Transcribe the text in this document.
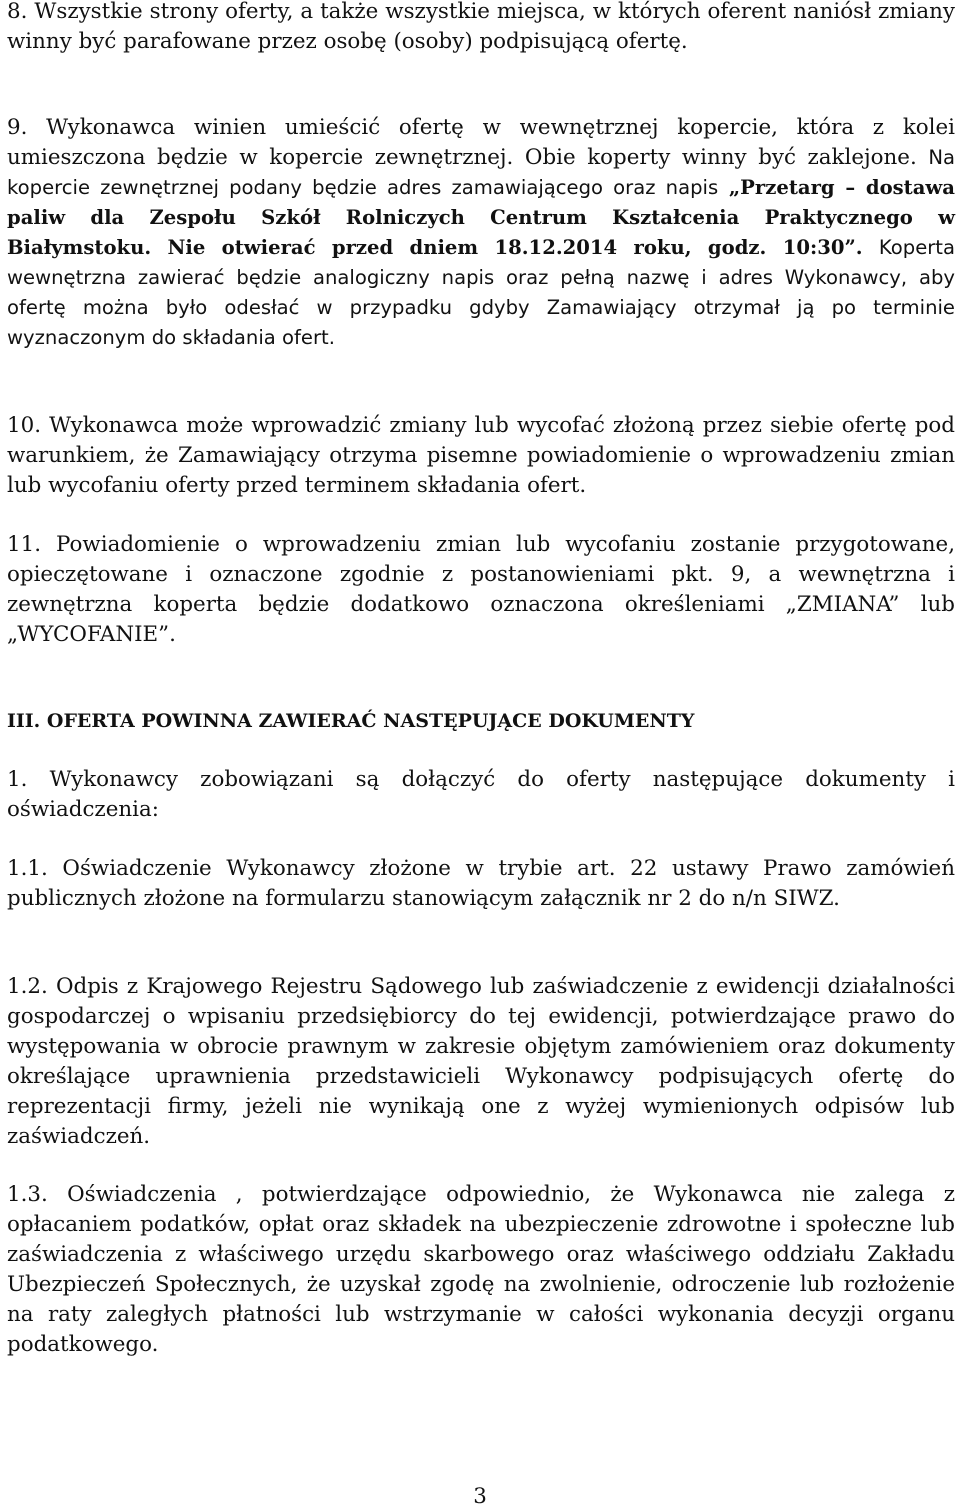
8. Wszystkie strony oferty, a także wszystkie miejsca, w których oferent naniósł zmiany winny być parafowane przez osobę (osoby) podpisującą ofertę.

9. Wykonawca winien umieścić ofertę w wewnętrznej kopercie, która z kolei umieszczona będzie w kopercie zewnętrznej. Obie koperty winny być zaklejone. Na kopercie zewnętrznej podany będzie adres zamawiającego oraz napis „Przetarg – dostawa paliw dla Zespołu Szkół Rolniczych Centrum Kształcenia Praktycznego w Białymstoku. Nie otwierać przed dniem 18.12.2014 roku, godz. 10:30”. Koperta wewnętrzna zawierać będzie analogiczny napis oraz pełną nazwę i adres Wykonawcy, aby ofertę można było odesłać w przypadku gdyby Zamawiający otrzymał ją po terminie wyznaczonym do składania ofert.

10. Wykonawca może wprowadzić zmiany lub wycofać złożoną przez siebie ofertę pod warunkiem, że Zamawiający otrzyma pisemne powiadomienie o wprowadzeniu zmian lub wycofaniu oferty przed terminem składania ofert.

11. Powiadomienie o wprowadzeniu zmian lub wycofaniu zostanie przygotowane, opieczętowane i oznaczone zgodnie z postanowieniami pkt. 9, a wewnętrzna i zewnętrzna koperta będzie dodatkowo oznaczona określeniami „ZMIANA” lub „WYCOFANIE”.

III. OFERTA POWINNA ZAWIERAĆ NASTĘPUJĄCE DOKUMENTY

1. Wykonawcy zobowiązani są dołączyć do oferty następujące dokumenty i oświadczenia:

1.1. Oświadczenie Wykonawcy złożone w trybie art. 22 ustawy Prawo zamówień publicznych złożone na formularzu stanowiącym załącznik nr 2 do n/n SIWZ.

1.2. Odpis z Krajowego Rejestru Sądowego lub zaświadczenie z ewidencji działalności gospodarczej o wpisaniu przedsiębiorcy do tej ewidencji, potwierdzające prawo do występowania w obrocie prawnym w zakresie objętym zamówieniem oraz dokumenty określające uprawnienia przedstawicieli Wykonawcy podpisujących ofertę do reprezentacji firmy, jeżeli nie wynikają one z wyżej wymienionych odpisów lub zaświadczeń.

1.3. Oświadczenia , potwierdzające odpowiednio, że Wykonawca nie zalega z opłacaniem podatków, opłat oraz składek na ubezpieczenie zdrowotne i społeczne lub zaświadczenia z właściwego urzędu skarbowego oraz właściwego oddziału Zakładu Ubezpieczeń Społecznych, że uzyskał zgodę na zwolnienie, odroczenie lub rozłożenie na raty zaległych płatności lub wstrzymanie w całości wykonania decyzji organu podatkowego.

3
